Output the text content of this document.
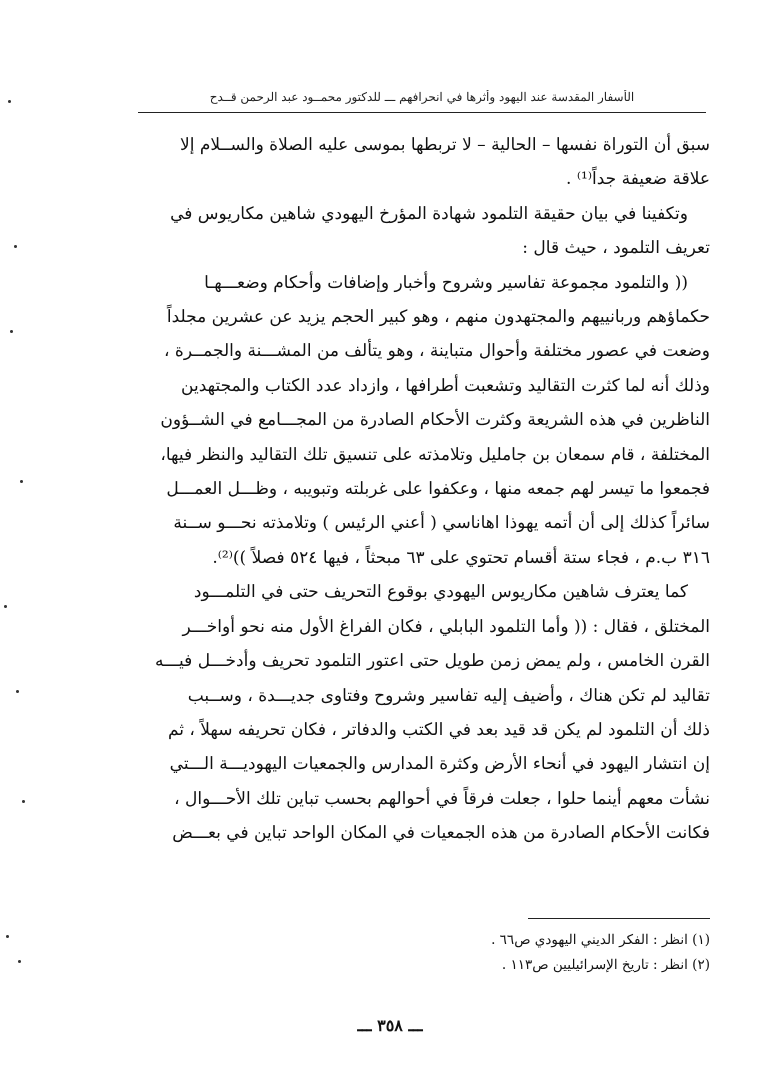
الأسفار المقدسة عند اليهود وأثرها في انحرافهم ـــ للدكتور محمــود عبد الرحمن قــدح

سبق أن التوراة نفسها – الحالية – لا تربطها بموسى عليه الصلاة والســلام إلا

علاقة ضعيفة جداً⁽¹⁾ .

وتكفينا في بيان حقيقة التلمود شهادة المؤرخ اليهودي شاهين مكاريوس في

تعريف التلمود ، حيث قال :

(( والتلمود مجموعة تفاسير وشروح وأخبار وإضافات وأحكام وضعـــهـا

حكماؤهم وربانييهم والمجتهدون منهم ، وهو كبير الحجم يزيد عن عشرين مجلداً

وضعت في عصور مختلفة وأحوال متباينة ، وهو يتألف من المشـــنة والجمــرة ،

وذلك أنه لما كثرت التقاليد وتشعبت أطرافها ، وازداد عدد الكتاب والمجتهدين

الناظرين في هذه الشريعة وكثرت الأحكام الصادرة من المجـــامع في الشــؤون

المختلفة ، قام سمعان بن جامليل وتلامذته على تنسيق تلك التقاليد والنظر فيها،

فجمعوا ما تيسر لهم جمعه منها ، وعكفوا على غربلته وتبويبه ، وظـــل العمـــل

سائراً كذلك إلى أن أتمه يهوذا اهاناسي ( أعني الرئيس ) وتلامذته نحـــو ســنة

٣١٦ ب.م ، فجاء ستة أقسام تحتوي على ٦٣ مبحثاً ، فيها ٥٢٤ فصلاً ))⁽²⁾.

كما يعترف شاهين مكاريوس اليهودي بوقوع التحريف حتى في التلمـــود

المختلق ، فقال : (( وأما التلمود البابلي ، فكان الفراغ الأول منه نحو أواخـــر

القرن الخامس ، ولم يمض زمن طويل حتى اعتور التلمود تحريف وأدخـــل فيـــه

تقاليد لم تكن هناك ، وأضيف إليه تفاسير وشروح وفتاوى جديـــدة ، وســبب

ذلك أن التلمود لم يكن قد قيد بعد في الكتب والدفاتر ، فكان تحريفه سهلاً ، ثم

إن انتشار اليهود في أنحاء الأرض وكثرة المدارس والجمعيات اليهوديـــة الـــتي

نشأت معهم أينما حلوا ، جعلت فرقاً في أحوالهم بحسب تباين تلك الأحـــوال ،

فكانت الأحكام الصادرة من هذه الجمعيات في المكان الواحد تباين في بعـــض

(١) انظر : الفكر الديني اليهودي ص٦٦ .
(٢) انظر : تاريخ الإسرائيليين ص١١٣ .
ـــ ٣٥٨ ـــ
